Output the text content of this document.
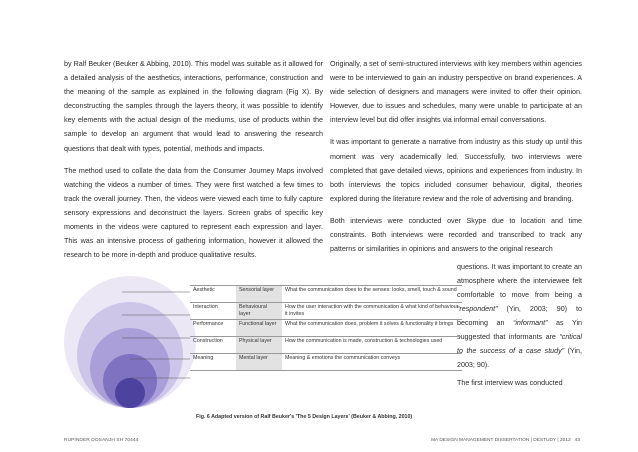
by Ralf Beuker (Beuker & Abbing, 2010). This model was suitable as it allowed for a detailed analysis of the aesthetics, interactions, performance, construction and the meaning of the sample as explained in the following diagram (Fig X). By deconstructing the samples through the layers theory, it was possible to identify key elements with the actual design of the mediums, use of products within the sample to develop an argument that would lead to answering the research questions that dealt with types, potential, methods and impacts.

The method used to collate the data from the Consumer Journey Maps involved watching the videos a number of times. They were first watched a few times to track the overall journey. Then, the videos were viewed each time to fully capture sensory expressions and deconstruct the layers. Screen grabs of specific key moments in the videos were captured to represent each expression and layer. This was an intensive process of gathering information, however it allowed the research to be more in-depth and produce qualitative results.

Originally, a set of semi-structured interviews with key members within agencies were to be interviewed to gain an industry perspective on brand experiences. A wide selection of designers and managers were invited to offer their opinion. However, due to issues and schedules, many were unable to participate at an interview level but did offer insights via informal email conversations.

It was important to generate a narrative from industry as this study up until this moment was very academically led. Successfully, two interviews were completed that gave detailed views, opinions and experiences from industry. In both interviews the topics included consumer behaviour, digital, theories explored during the literature review and the role of advertising and branding.

Both interviews were conducted over Skype due to location and time constraints. Both interviews were recorded and transcribed to track any patterns or similarities in opinions and answers to the original research

questions. It was important to create an atmosphere where the interviewee felt comfortable to move from being a “respondent” (Yin, 2003; 90) to becoming an “informant” as Yin suggested that informants are “critical to the success of a case study” (Yin, 2003; 90).

The first interview was conducted

Aesthetic	Sensorial layer	What the communication does to the senses: looks, smell, touch & sound
Interaction	Behavioural layer	How the user interaction with the communication & what kind of behaviour it invites
Performance	Functional layer	What the communication does, problem it solves & functionality it brings
Construction	Physical layer	How the communication is made, construction & technologies used
Meaning	Mental layer	Meaning & emotions the communication conveys
Fig. 6 Adapted version of Ralf Beuker's 'The 5 Design Layers' (Beuker & Abbing, 2010)
RUPINDER DOSANJH SH 70444	MA DESIGN MANAGEMENT DISSERTATION | DESTUDY | 2012 43
